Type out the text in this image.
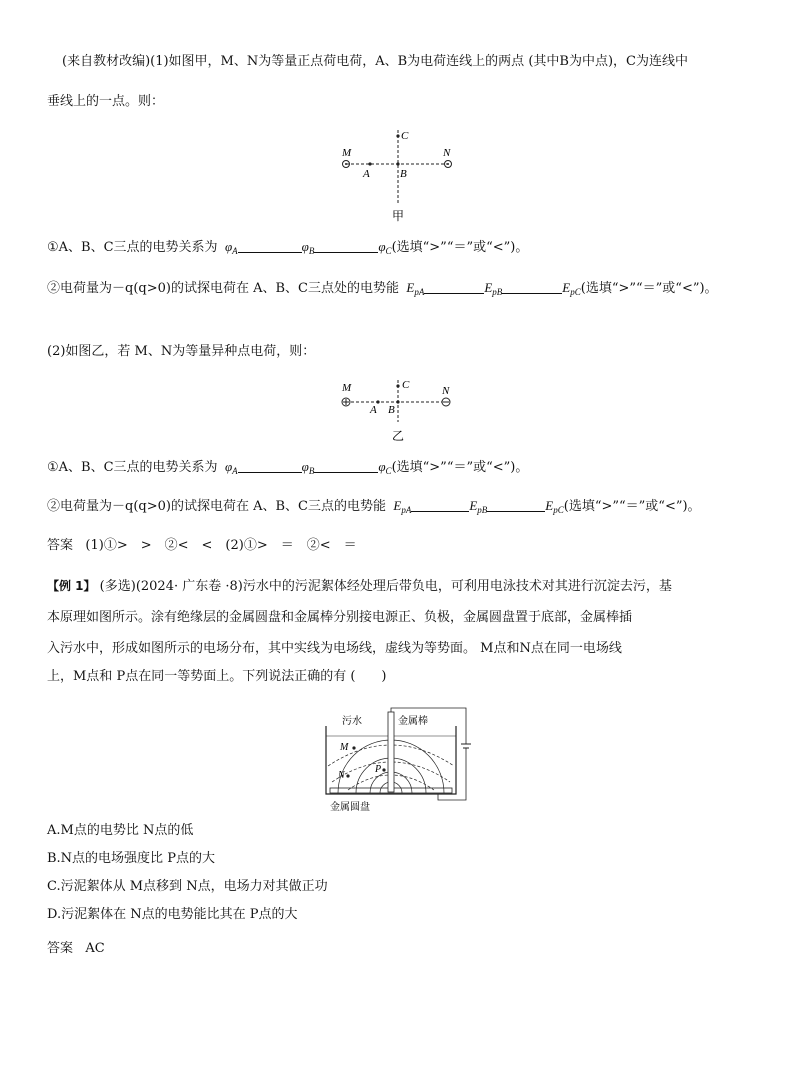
(来自教材改编)(1)如图甲，M、N为等量正点荷电荷，A、B为电荷连线上的两点 (其中B为中点)，C为连线中
垂线上的一点。则：
M	N
A	B
C
甲
①A、B、C三点的电势关系为  $\varphi_A$	$\varphi_B$	$\varphi_C$(选填“>”“＝”或“<”)。
②电荷量为－q(q>0)的试探电荷在 A、B、C三点处的电势能  $E_{pA}$	$E_{pB}$	$E_{pC}$(选填“>”“＝”或“<”)。
(2)如图乙，若 M、N为等量异种点电荷，则：
M	N
A B
C
乙
①A、B、C三点的电势关系为  $\varphi_A$	$\varphi_B$	$\varphi_C$(选填“>”“＝”或“<”)。
②电荷量为－q(q>0)的试探电荷在 A、B、C三点的电势能  $E_{pA}$	$E_{pB}$	$E_{pC}$(选填“>”“＝”或“<”)。
答案 (1)①>　>　②<　<　(2)①>　＝　②<　＝
【例 1】 (多选)(2024· 广东卷 ·8)污水中的污泥絮体经处理后带负电，可利用电泳技术对其进行沉淀去污，基
本原理如图所示。涂有绝缘层的金属圆盘和金属棒分别接电源正、负极，金属圆盘置于底部，金属棒插
入污水中，形成如图所示的电场分布，其中实线为电场线，虚线为等势面。 M点和N点在同一电场线
上，M点和 P点在同一等势面上。下列说法正确的有 (　　)
M
N
P
污水	金属棒
金属圆盘
A.M点的电势比 N点的低
B.N点的电场强度比 P点的大
C.污泥絮体从 M点移到 N点，电场力对其做正功
D.污泥絮体在 N点的电势能比其在 P点的大
答案 AC
